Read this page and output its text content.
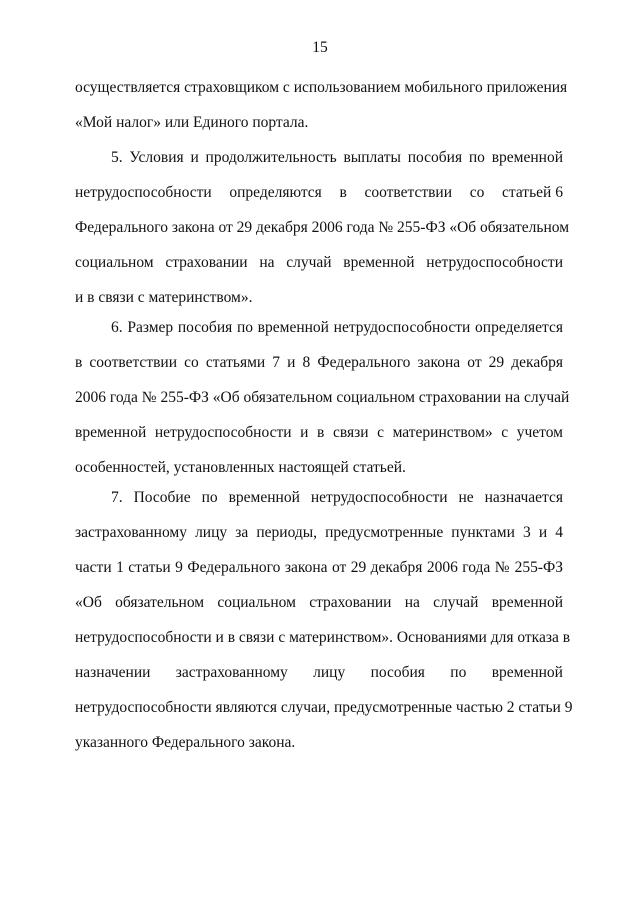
15
осуществляется страховщиком с использованием мобильного приложения
«Мой налог» или Единого портала.
5. Условия и продолжительность выплаты пособия по временной
нетрудоспособности определяются в соответствии со статьей 6
Федерального закона от 29 декабря 2006 года № 255-ФЗ «Об обязательном
социальном страховании на случай временной нетрудоспособности
и в связи с материнством».
6. Размер пособия по временной нетрудоспособности определяется
в соответствии со статьями 7 и 8 Федерального закона от 29 декабря
2006 года № 255-ФЗ «Об обязательном социальном страховании на случай
временной нетрудоспособности и в связи с материнством» с учетом
особенностей, установленных настоящей статьей.
7. Пособие по временной нетрудоспособности не назначается
застрахованному лицу за периоды, предусмотренные пунктами 3 и 4
части 1 статьи 9 Федерального закона от 29 декабря 2006 года № 255-ФЗ
«Об обязательном социальном страховании на случай временной
нетрудоспособности и в связи с материнством». Основаниями для отказа в
назначении застрахованному лицу пособия по временной
нетрудоспособности являются случаи, предусмотренные частью 2 статьи 9
указанного Федерального закона.
